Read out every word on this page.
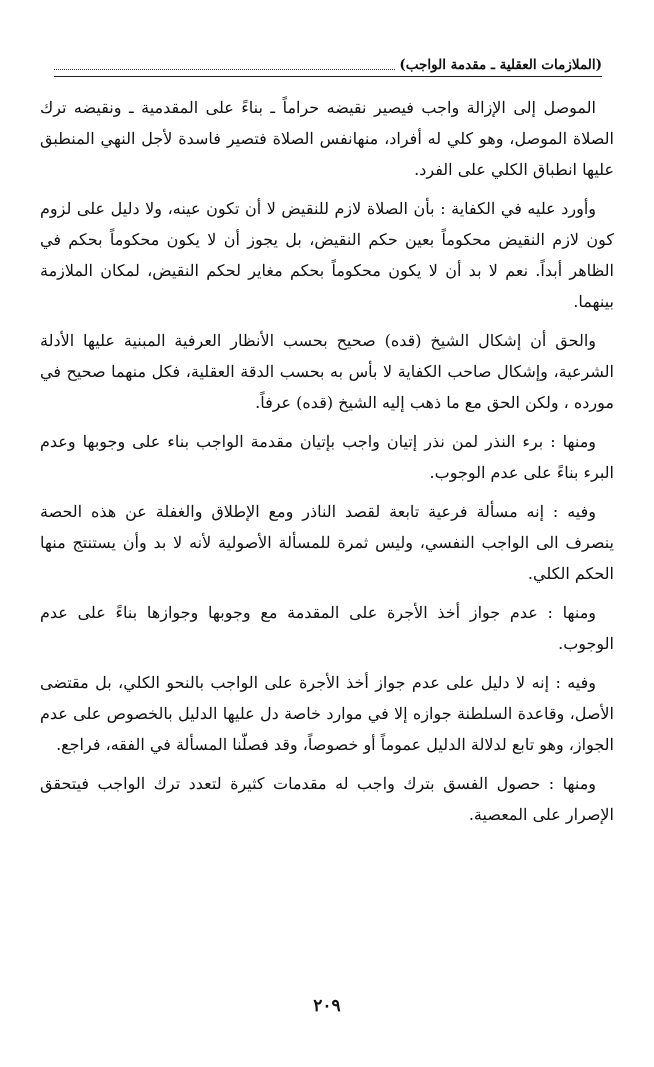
(الملازمات العقلية ـ مقدمة الواجب)

الموصل إلى الإزالة واجب فيصير نقيضه حراماً ـ بناءً على المقدمية ـ ونقيضه ترك الصلاة الموصل، وهو كلي له أفراد، منهانفس الصلاة فتصير فاسدة لأجل النهي المنطبق عليها انطباق الكلي على الفرد.

وأورد عليه في الكفاية : بأن الصلاة لازم للنقيض لا أن تكون عينه، ولا دليل على لزوم كون لازم النقيض محكوماً بعين حكم النقيض، بل يجوز أن لا يكون محكوماً بحكم في الظاهر أبداً. نعم لا بد أن لا يكون محكوماً بحكم مغاير لحكم النقيض، لمكان الملازمة بينهما.

والحق أن إشكال الشيخ (قده) صحيح بحسب الأنظار العرفية المبنية عليها الأدلة الشرعية، وإشكال صاحب الكفاية لا بأس به بحسب الدقة العقلية، فكل منهما صحيح في مورده ، ولكن الحق مع ما ذهب إليه الشيخ (قده) عرفاً.

ومنها : برء النذر لمن نذر إتيان واجب بإتيان مقدمة الواجب بناء على وجوبها وعدم البرء بناءً على عدم الوجوب.

وفيه : إنه مسألة فرعية تابعة لقصد الناذر ومع الإطلاق والغفلة عن هذه الحصة ينصرف الى الواجب النفسي، وليس ثمرة للمسألة الأصولية لأنه لا بد وأن يستنتج منها الحكم الكلي.

ومنها : عدم جواز أخذ الأجرة على المقدمة مع وجوبها وجوازها بناءً على عدم الوجوب.

وفيه : إنه لا دليل على عدم جواز أخذ الأجرة على الواجب بالنحو الكلي، بل مقتضى الأصل، وقاعدة السلطنة جوازه إلا في موارد خاصة دل عليها الدليل بالخصوص على عدم الجواز، وهو تابع لدلالة الدليل عموماً أو خصوصاً، وقد فصلّنا المسألة في الفقه، فراجع.

ومنها : حصول الفسق بترك واجب له مقدمات كثيرة لتعدد ترك الواجب فيتحقق الإصرار على المعصية.

٢٠٩
